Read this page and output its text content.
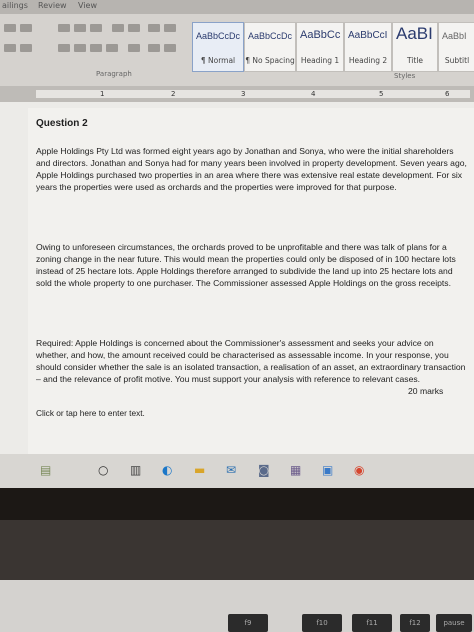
ailings Review View
Paragraph
AaBbCcDc
¶ Normal
AaBbCcDc
¶ No Spacing
AaBbCc
Heading 1
AaBbCcI
Heading 2
AaBI
Title
AaBbI
Subtitl
Styles
1	2	3	4	5	6

Question 2

Apple Holdings Pty Ltd was formed eight years ago by Jonathan and Sonya, who were the initial shareholders and directors. Jonathan and Sonya had for many years been involved in property development. Seven years ago, Apple Holdings purchased two properties in an area where there was extensive real estate development. For six years the properties were used as orchards and the properties were improved for that purpose.

Owing to unforeseen circumstances, the orchards proved to be unprofitable and there was talk of plans for a zoning change in the near future. This would mean the properties could only be disposed of in 100 hectare lots instead of 25 hectare lots. Apple Holdings therefore arranged to subdivide the land up into 25 hectare lots and sold the whole property to one purchaser. The Commissioner assessed Apple Holdings on the gross receipts.

Required: Apple Holdings is concerned about the Commissioner's assessment and seeks your advice on whether, and how, the amount received could be characterised as assessable income. In your response, you should consider whether the sale is an isolated transaction, a realisation of an asset, an extraordinary transaction – and the relevance of profit motive. You must support your analysis with reference to relevant cases.

20 marks

Click or tap here to enter text.

▤	○ ▥ ◐ ▬ ✉ ◙ ▦ ▣ ◉
f9	f10	f11	f12	pause
